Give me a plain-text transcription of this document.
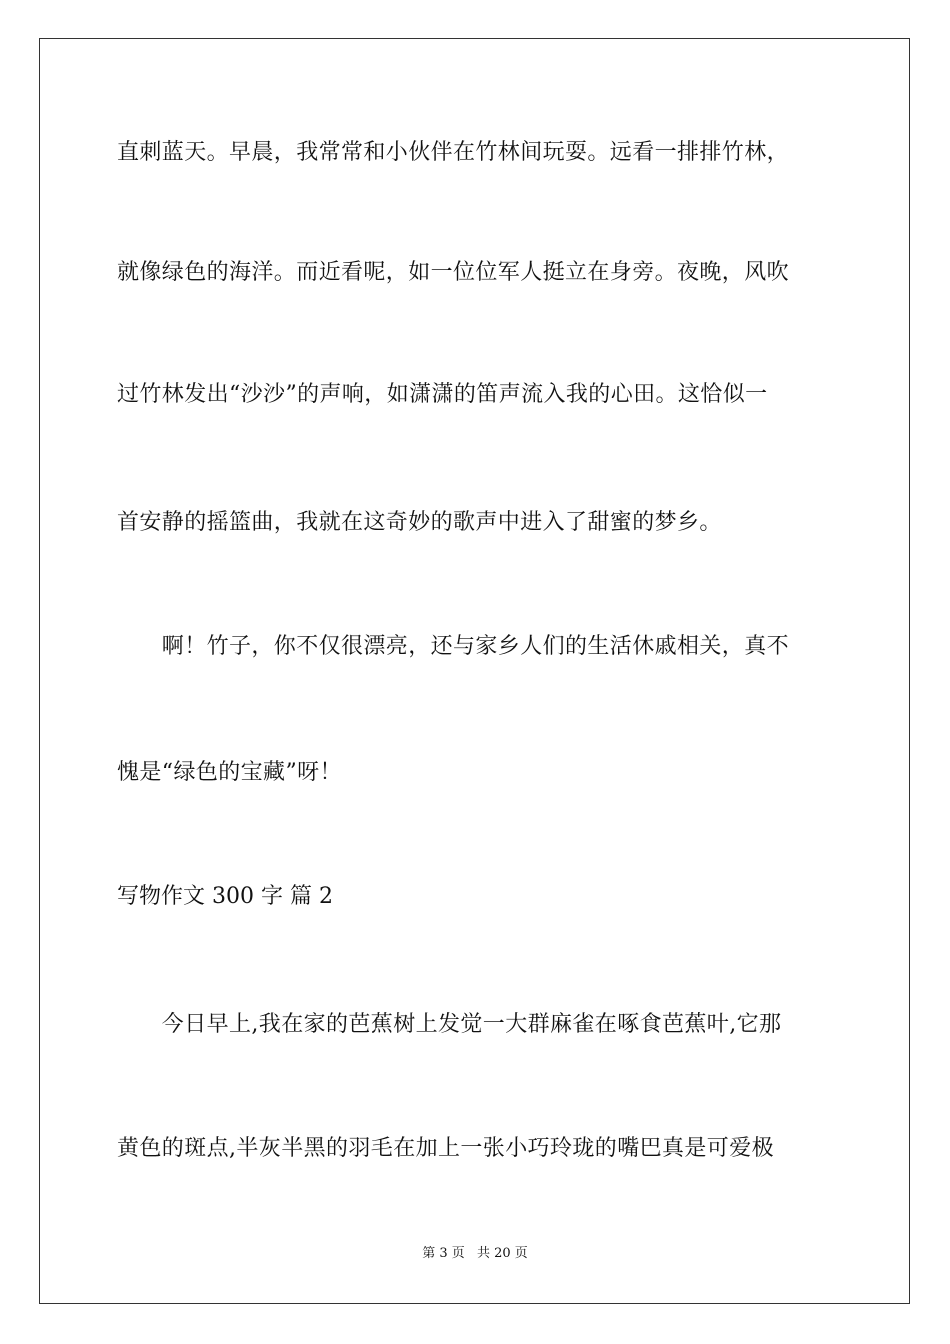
直刺蓝天。早晨，我常常和小伙伴在竹林间玩耍。远看一排排竹林，
就像绿色的海洋。而近看呢，如一位位军人挺立在身旁。夜晚，风吹
过竹林发出“沙沙”的声响，如潇潇的笛声流入我的心田。这恰似一
首安静的摇篮曲，我就在这奇妙的歌声中进入了甜蜜的梦乡。
　　啊！竹子，你不仅很漂亮，还与家乡人们的生活休戚相关，真不
愧是“绿色的宝藏”呀！
写物作文 300 字 篇 2
　　今日早上,我在家的芭蕉树上发觉一大群麻雀在啄食芭蕉叶,它那
黄色的斑点,半灰半黑的羽毛在加上一张小巧玲珑的嘴巴真是可爱极
第 3 页 共 20 页
